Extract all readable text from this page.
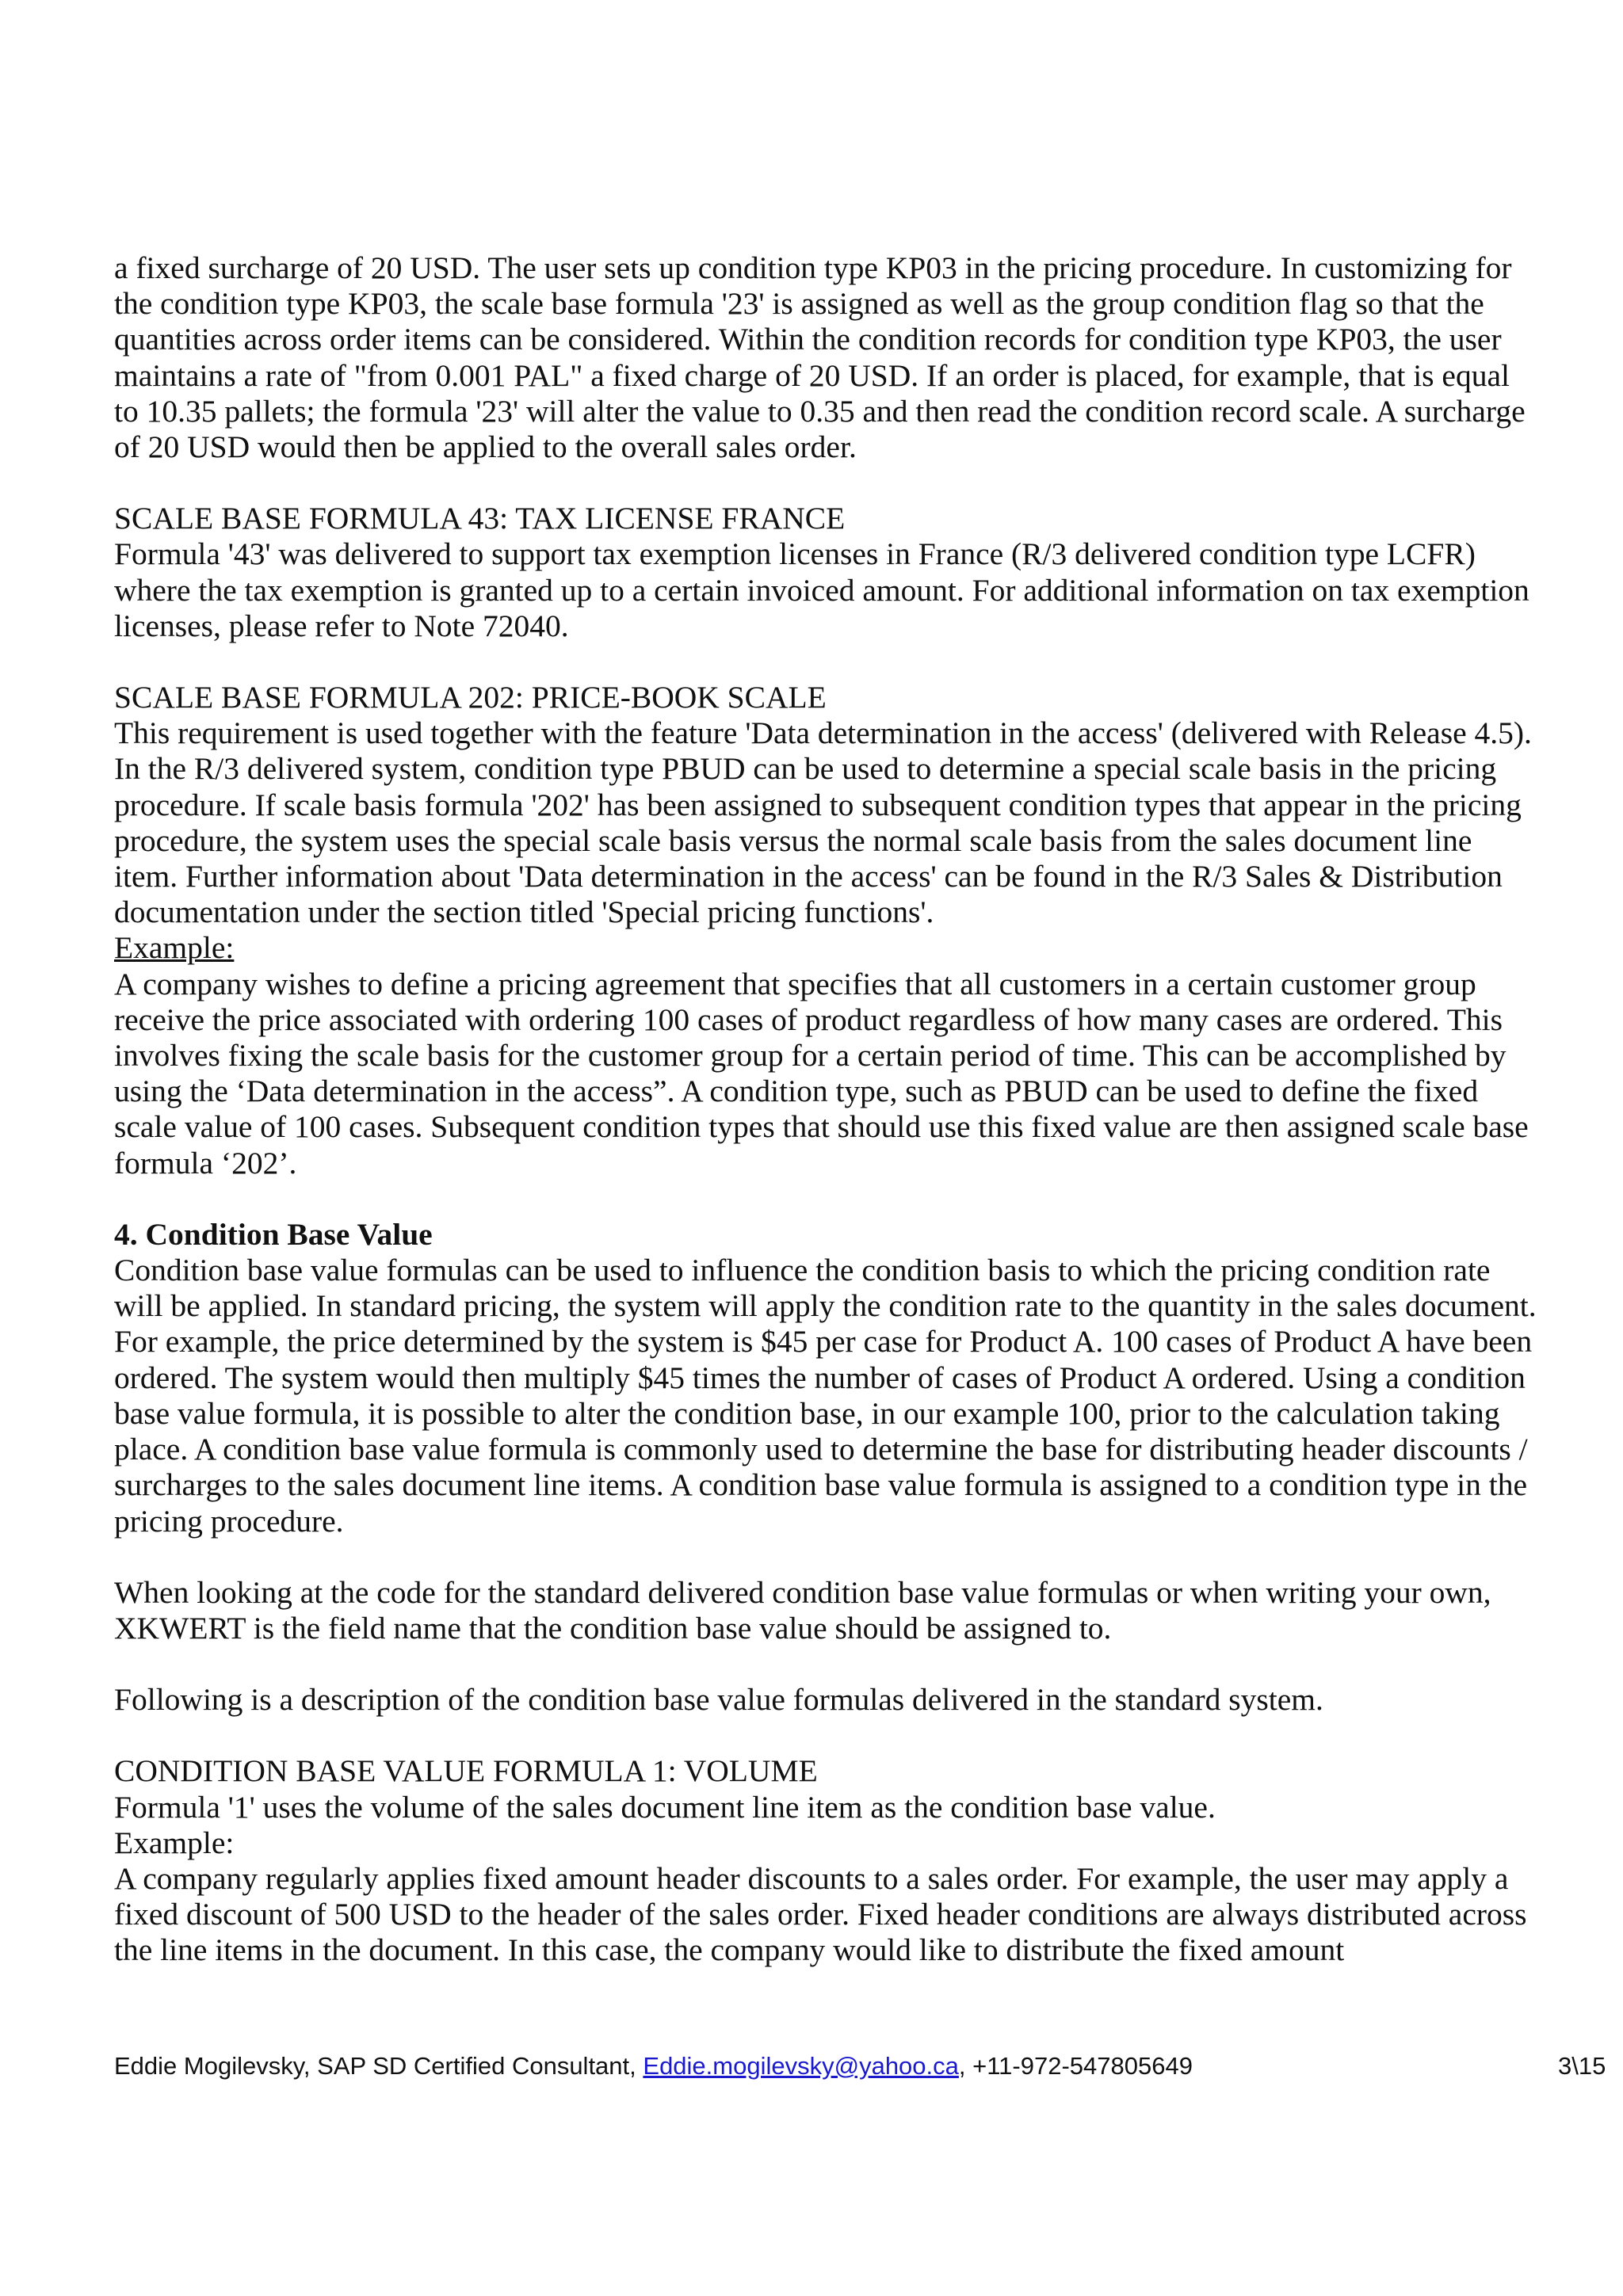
a fixed surcharge of 20 USD. The user sets up condition type KP03 in the pricing procedure. In customizing for the condition type KP03, the scale base formula '23' is assigned as well as the group condition flag so that the quantities across order items can be considered. Within the condition records for condition type KP03, the user maintains a rate of "from 0.001 PAL" a fixed charge of 20 USD. If an order is placed, for example, that is equal to 10.35 pallets; the formula '23' will alter the value to 0.35 and then read the condition record scale. A surcharge of 20 USD would then be applied to the overall sales order.

SCALE BASE FORMULA 43: TAX LICENSE FRANCE

Formula '43' was delivered to support tax exemption licenses in France (R/3 delivered condition type LCFR) where the tax exemption is granted up to a certain invoiced amount. For additional information on tax exemption licenses, please refer to Note 72040.

SCALE BASE FORMULA 202: PRICE-BOOK SCALE

This requirement is used together with the feature 'Data determination in the access' (delivered with Release 4.5). In the R/3 delivered system, condition type PBUD can be used to determine a special scale basis in the pricing procedure. If scale basis formula '202' has been assigned to subsequent condition types that appear in the pricing procedure, the system uses the special scale basis versus the normal scale basis from the sales document line item. Further information about 'Data determination in the access' can be found in the R/3 Sales & Distribution documentation under the section titled 'Special pricing functions'.

Example:

A company wishes to define a pricing agreement that specifies that all customers in a certain customer group receive the price associated with ordering 100 cases of product regardless of how many cases are ordered. This involves fixing the scale basis for the customer group for a certain period of time. This can be accomplished by using the ‘Data determination in the access”. A condition type, such as PBUD can be used to define the fixed scale value of 100 cases. Subsequent condition types that should use this fixed value are then assigned scale base formula ‘202’.

4. Condition Base Value

Condition base value formulas can be used to influence the condition basis to which the pricing condition rate will be applied. In standard pricing, the system will apply the condition rate to the quantity in the sales document. For example, the price determined by the system is $45 per case for Product A. 100 cases of Product A have been ordered. The system would then multiply $45 times the number of cases of Product A ordered. Using a condition base value formula, it is possible to alter the condition base, in our example 100, prior to the calculation taking place. A condition base value formula is commonly used to determine the base for distributing header discounts / surcharges to the sales document line items. A condition base value formula is assigned to a condition type in the pricing procedure.

When looking at the code for the standard delivered condition base value formulas or when writing your own, XKWERT is the field name that the condition base value should be assigned to.

Following is a description of the condition base value formulas delivered in the standard system.

CONDITION BASE VALUE FORMULA 1: VOLUME

Formula '1' uses the volume of the sales document line item as the condition base value.

Example:

A company regularly applies fixed amount header discounts to a sales order. For example, the user may apply a fixed discount of 500 USD to the header of the sales order. Fixed header conditions are always distributed across the line items in the document. In this case, the company would like to distribute the fixed amount

Eddie Mogilevsky, SAP SD Certified Consultant, Eddie.mogilevsky@yahoo.ca, +11-972-547805649	3\15
